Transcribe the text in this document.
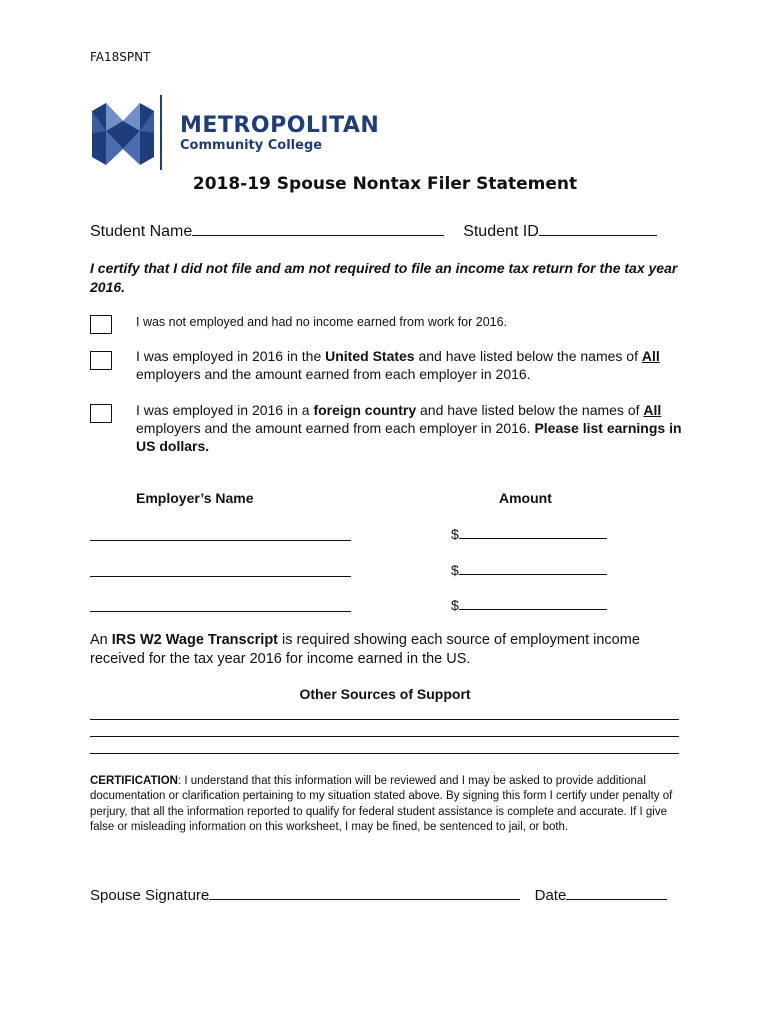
FA18SPNT
METROPOLITAN
Community College
2018-19 Spouse Nontax Filer Statement
Student Name	Student ID
I certify that I did not file and am not required to file an income tax return for the tax year 2016.
I was not employed and had no income earned from work for 2016.
I was employed in 2016 in the United States and have listed below the names of All employers and the amount earned from each employer in 2016.
I was employed in 2016 in a foreign country and have listed below the names of All employers and the amount earned from each employer in 2016. Please list earnings in US dollars.
Employer’s Name	Amount
$
$
$
An IRS W2 Wage Transcript is required showing each source of employment income received for the tax year 2016 for income earned in the US.
Other Sources of Support
CERTIFICATION: I understand that this information will be reviewed and I may be asked to provide additional documentation or clarification pertaining to my situation stated above. By signing this form I certify under penalty of perjury, that all the information reported to qualify for federal student assistance is complete and accurate. If I give false or misleading information on this worksheet, I may be fined, be sentenced to jail, or both.
Spouse Signature	Date
